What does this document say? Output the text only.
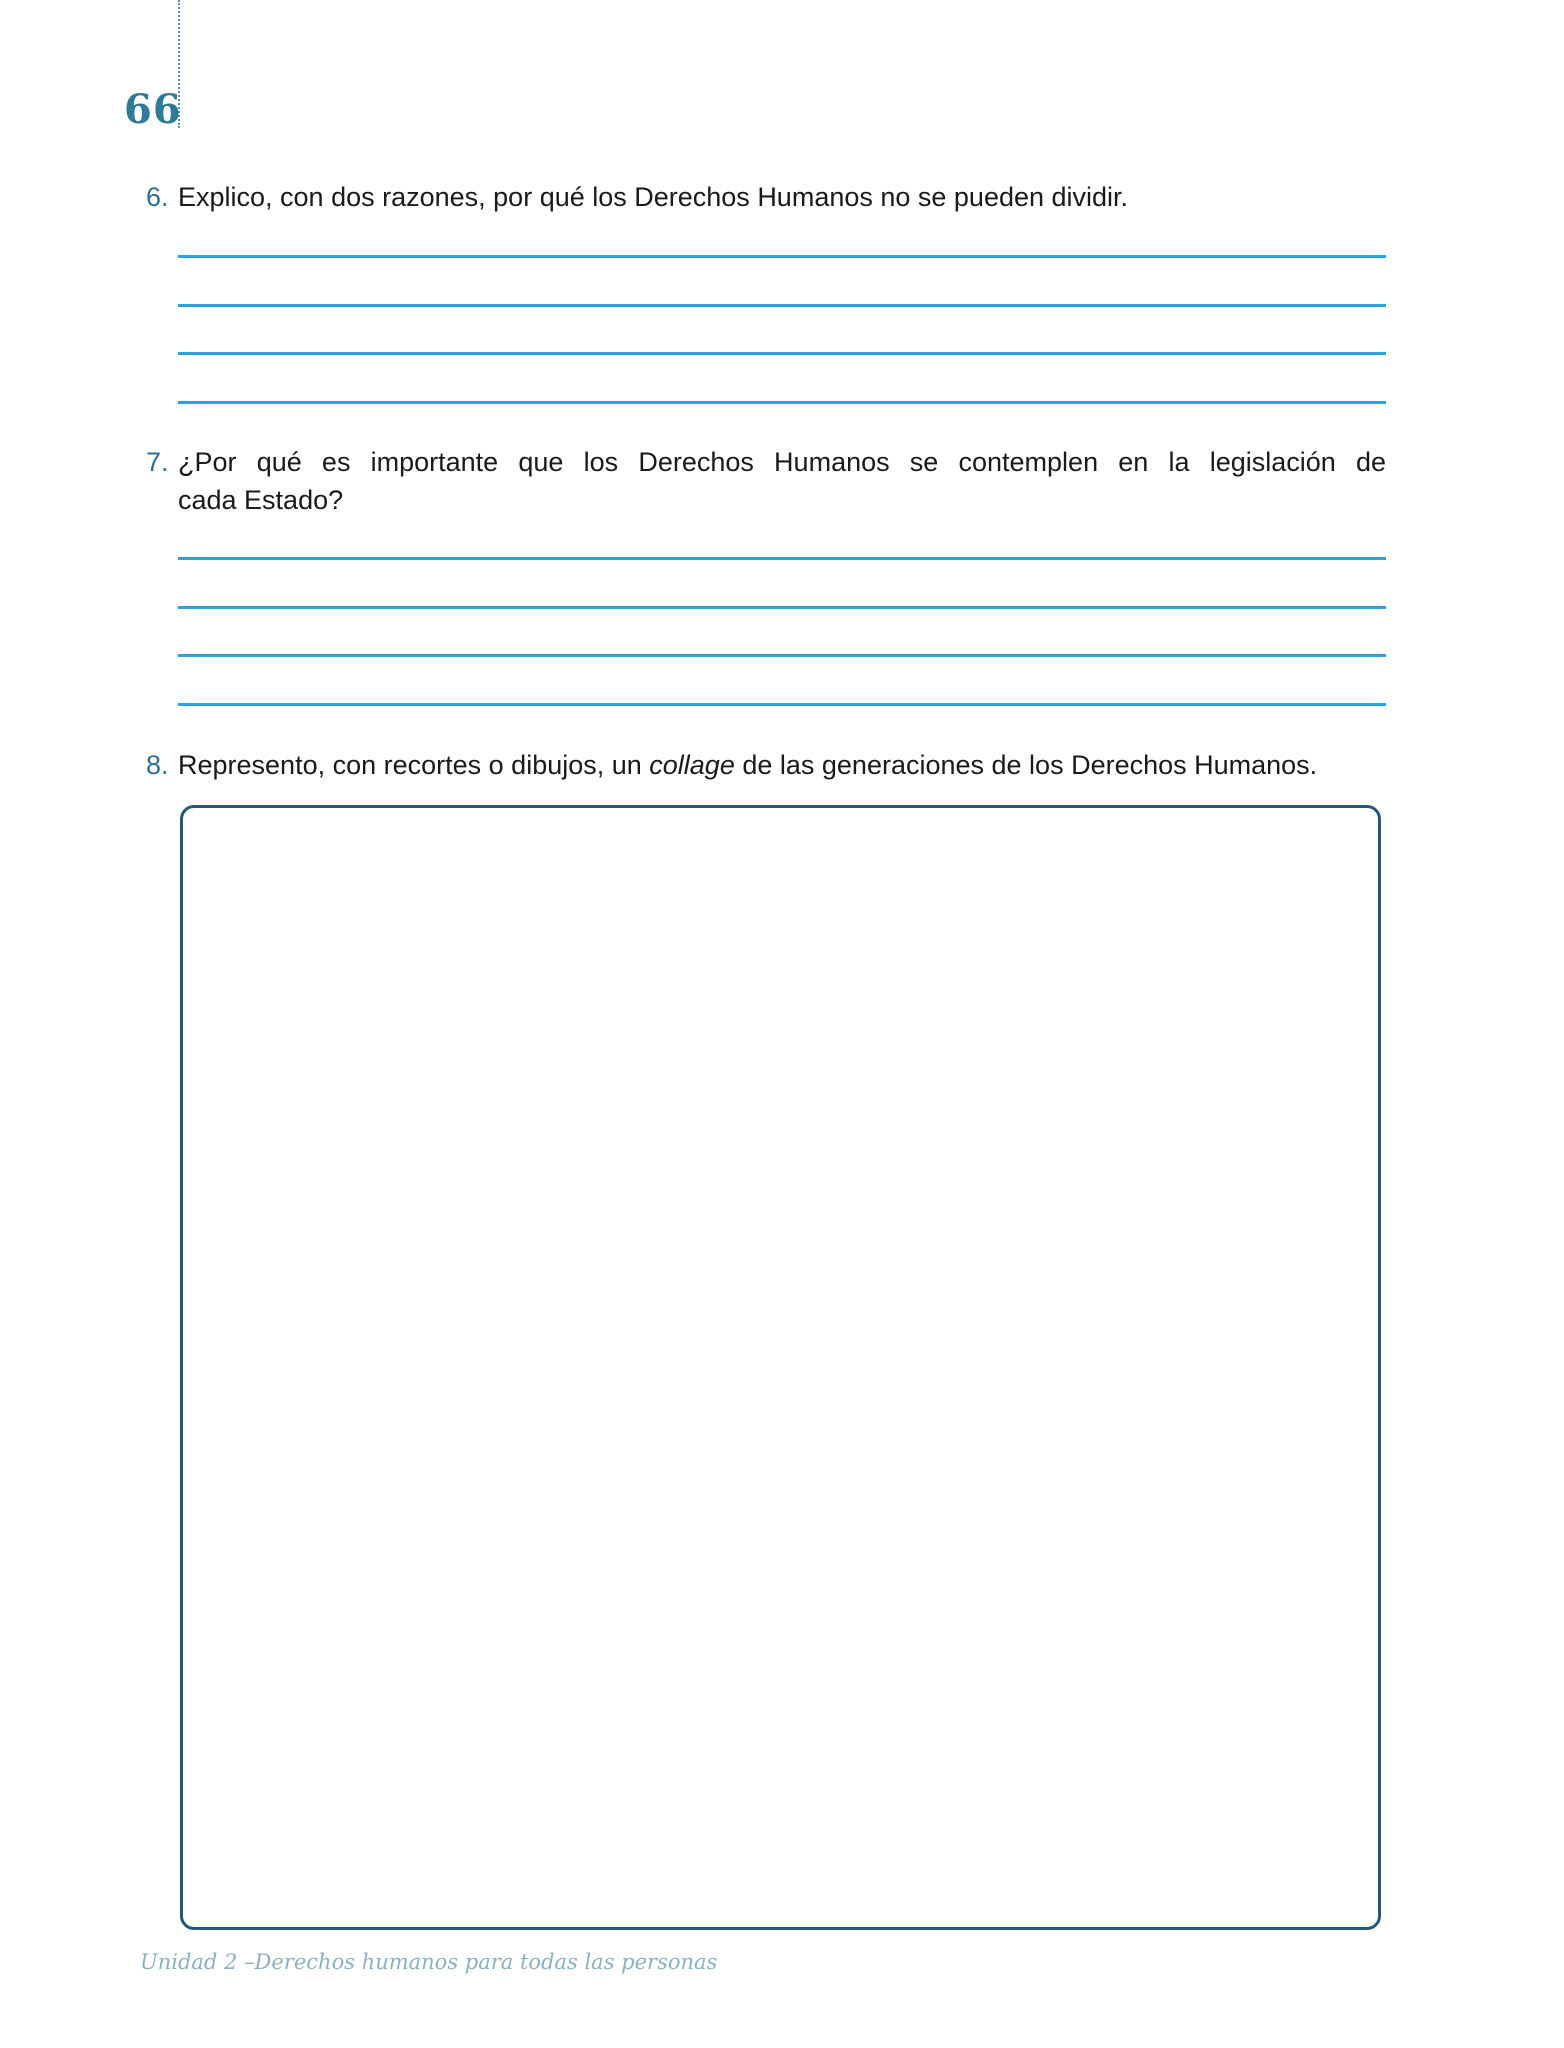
66
6. Explico, con dos razones, por qué los Derechos Humanos no se pueden dividir.
7. ¿Por qué es importante que los Derechos Humanos se contemplen en la legislación de
cada Estado?
8. Represento, con recortes o dibujos, un collage de las generaciones de los Derechos Humanos.
Unidad 2 –Derechos humanos para todas las personas
